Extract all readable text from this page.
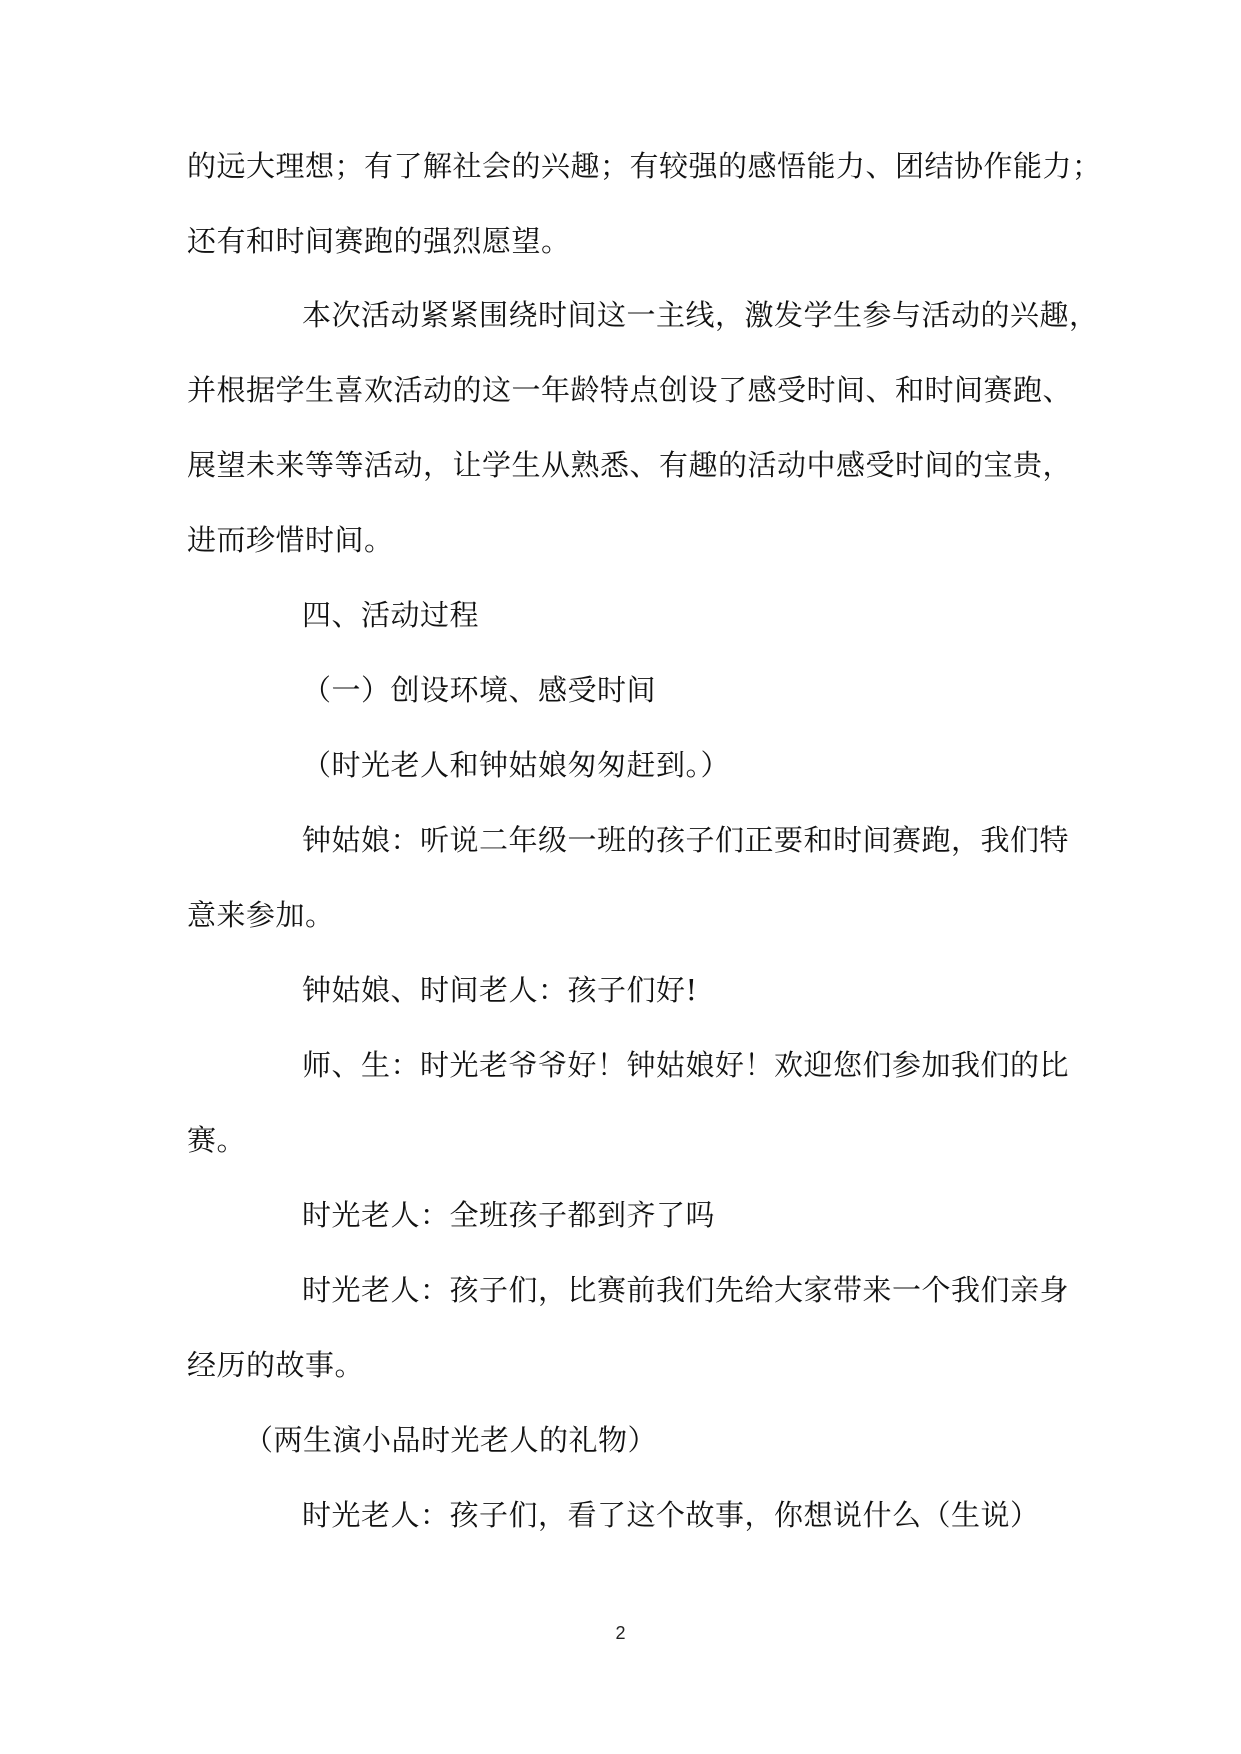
的远大理想；有了解社会的兴趣；有较强的感悟能力、团结协作能力；
还有和时间赛跑的强烈愿望。
本次活动紧紧围绕时间这一主线，激发学生参与活动的兴趣，
并根据学生喜欢活动的这一年龄特点创设了感受时间、和时间赛跑、
展望未来等等活动，让学生从熟悉、有趣的活动中感受时间的宝贵，
进而珍惜时间。
四、活动过程
（一）创设环境、感受时间
（时光老人和钟姑娘匆匆赶到。）
钟姑娘：听说二年级一班的孩子们正要和时间赛跑，我们特
意来参加。
钟姑娘、时间老人：孩子们好!
师、生：时光老爷爷好！钟姑娘好！欢迎您们参加我们的比
赛。
时光老人：全班孩子都到齐了吗
时光老人：孩子们，比赛前我们先给大家带来一个我们亲身
经历的故事。
（两生演小品时光老人的礼物）
时光老人：孩子们，看了这个故事，你想说什么（生说）
2
